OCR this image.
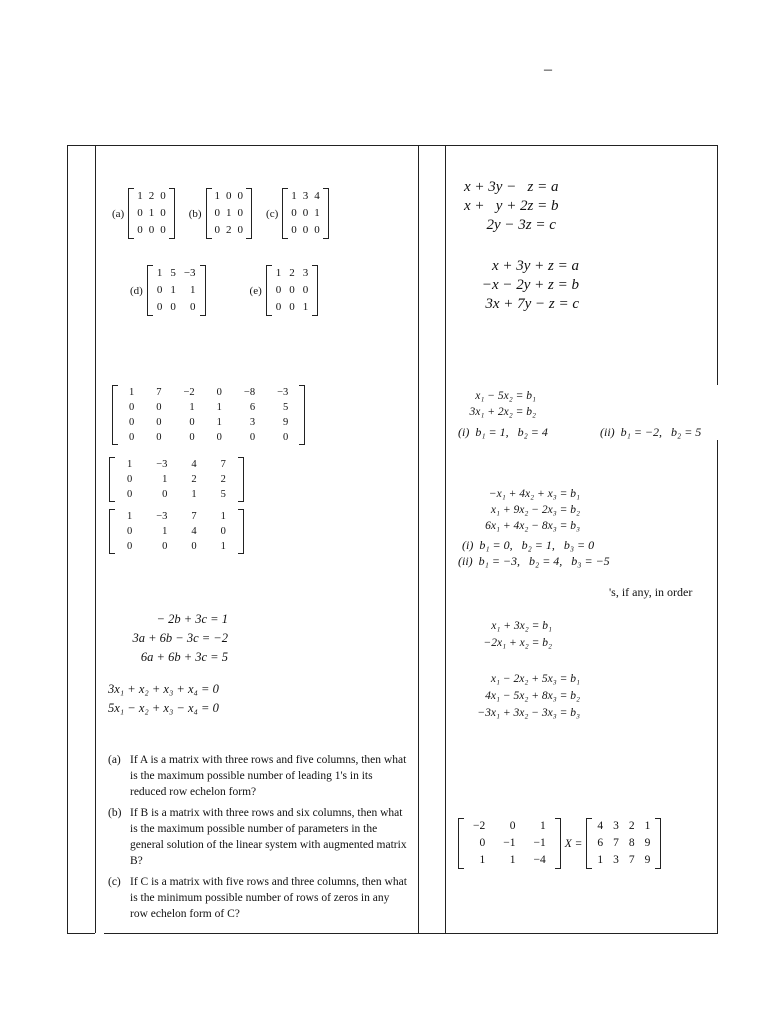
–
(a)
1	2	0
0	1	0
0	0	0
(b)
1	0	0
0	1	0
0	2	0
(c)
1	3	4
0	0	1
0	0	0
(d)
1	5	−3
0	1	1
0	0	0
(e)
1	2	3
0	0	0
0	0	1
1	7	−2	0	−8	−3
0	0	1	1	6	5
0	0	0	1	3	9
0	0	0	0	0	0
1	−3	4	7
0	1	2	2
0	0	1	5
1	−3	7	1
0	1	4	0
0	0	0	1
− 2b + 3c = 1
3a + 6b − 3c = −2
6a + 6b + 3c = 5
3x₁ + x₂ + x₃ + x₄ = 0
5x₁ − x₂ + x₃ − x₄ = 0
(a) If A is a matrix with three rows and five columns, then what is the maximum possible number of leading 1's in its reduced row echelon form?
(b) If B is a matrix with three rows and six columns, then what is the maximum possible number of parameters in the general solution of the linear system with augmented matrix B?
(c) If C is a matrix with five rows and three columns, then what is the minimum possible number of rows of zeros in any row echelon form of C?
x + 3y −   z = a
x +   y + 2z = b
2y − 3z = c
x + 3y + z = a
−x − 2y + z = b
3x + 7y − z = c
x₁ − 5x₂ = b₁
3x₁ + 2x₂ = b₂
(i)  b₁ = 1,   b₂ = 4	(ii)  b₁ = −2,   b₂ = 5
−x₁ + 4x₂ + x₃ = b₁
x₁ + 9x₂ − 2x₃ = b₂
6x₁ + 4x₂ − 8x₃ = b₃
(i)  b₁ = 0,   b₂ = 1,   b₃ = 0
(ii)  b₁ = −3,   b₂ = 4,   b₃ = −5
's, if any, in order
x₁ + 3x₂ = b₁
−2x₁ + x₂ = b₂
x₁ − 2x₂ + 5x₃ = b₁
4x₁ − 5x₂ + 8x₃ = b₂
−3x₁ + 3x₂ − 3x₃ = b₃
−2	0	1
0	−1	−1
1	1	−4
X =
4	3	2	1
6	7	8	9
1	3	7	9
